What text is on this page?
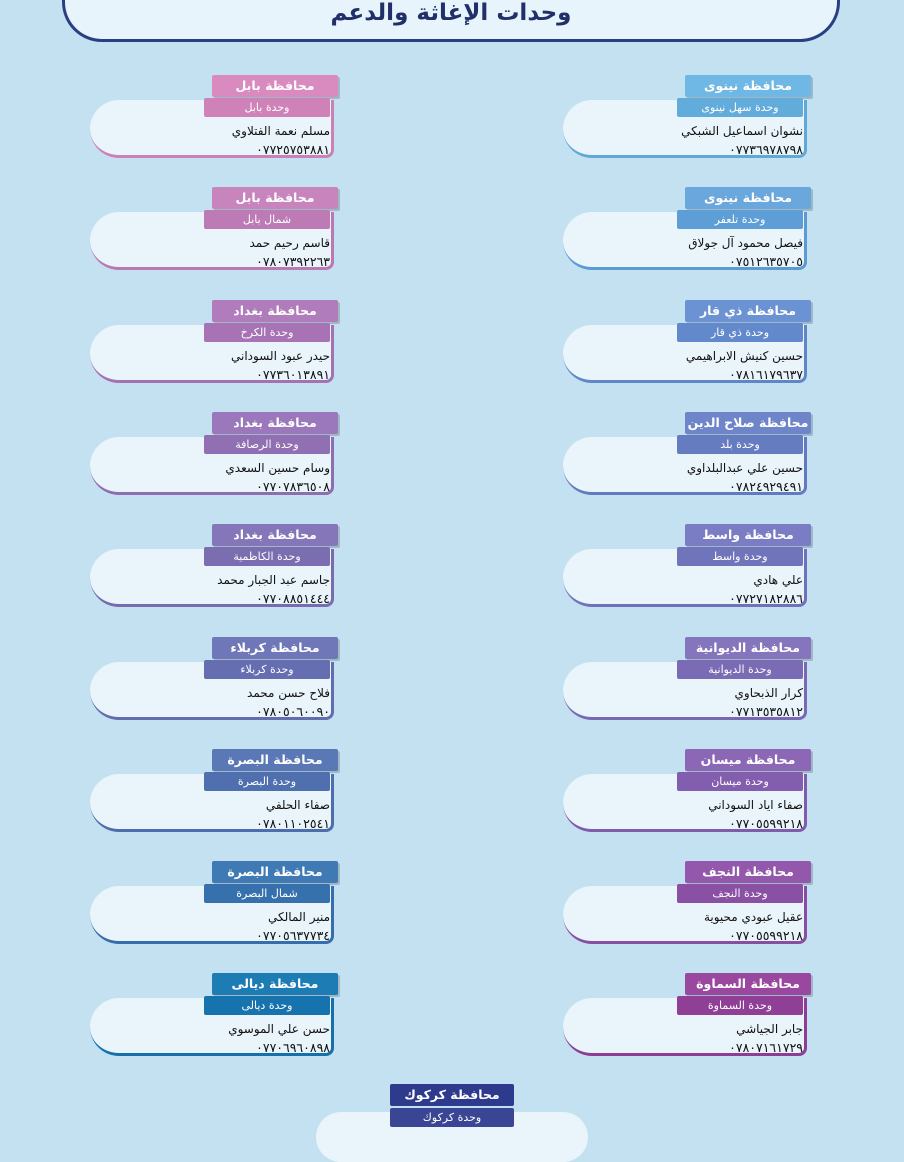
وحدات الإغاثة والدعم
محافظة نينوى
وحدة سهل نينوى
نشوان اسماعيل الشبكي
٠٧٧٣٦٩٧٨٧٩٨
محافظة نينوى
وحدة تلعفر
فيصل محمود آل جولاق
٠٧٥١٢٦٣٥٧٠٥
محافظة ذي قار
وحدة ذي قار
حسين كنيش الابراهيمي
٠٧٨١٦١٧٩٦٣٧
محافظة صلاح الدين
وحدة بلد
حسين علي عبدالبلداوي
٠٧٨٢٤٩٢٩٤٩١
محافظة واسط
وحدة واسط
علي هادي
٠٧٧٢٧١٨٢٨٨٦
محافظة الديوانية
وحدة الديوانية
كرار الذبحاوي
٠٧٧١٣٥٣٥٨١٢
محافظة ميسان
وحدة ميسان
صفاء اياد السوداني
٠٧٧٠٥٥٩٩٢١٨
محافظة النجف
وحدة النجف
عقيل عبودي محيوية
٠٧٧٠٥٥٩٩٢١٨
محافظة السماوة
وحدة السماوة
جابر الجياشي
٠٧٨٠٧١٦١٧٢٩
محافظة بابل
وحدة بابل
مسلم نعمة الفتلاوي
٠٧٧٢٥٧٥٣٨٨١
محافظة بابل
شمال بابل
قاسم رحيم حمد
٠٧٨٠٧٣٩٢٢٦٣
محافظة بغداد
وحدة الكرخ
حيدر عبود السوداني
٠٧٧٣٦٠١٣٨٩١
محافظة بغداد
وحدة الرصافة
وسام حسين السعدي
٠٧٧٠٧٨٣٦٥٠٨
محافظة بغداد
وحدة الكاظمية
جاسم عبد الجبار محمد
٠٧٧٠٨٨٥١٤٤٤
محافظة كربلاء
وحدة كربلاء
فلاح حسن محمد
٠٧٨٠٥٠٦٠٠٩٠
محافظة البصرة
وحدة البصرة
صفاء الحلفي
٠٧٨٠١١٠٢٥٤١
محافظة البصرة
شمال البصرة
منير المالكي
٠٧٧٠٥٦٣٧٧٣٤
محافظة ديالى
وحدة ديالى
حسن علي الموسوي
٠٧٧٠٦٩٦٠٨٩٨
محافظة كركوك
وحدة كركوك
